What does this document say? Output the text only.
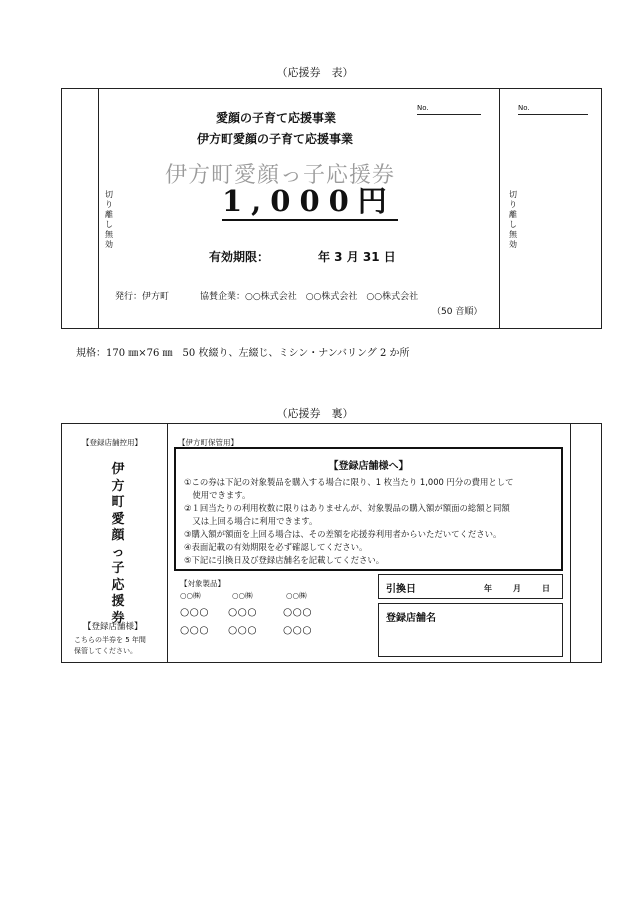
（応援券　表）
切り離し無効
切り離し無効
No.	No.
愛顔の子育て応援事業
伊方町愛顔の子育て応援事業
伊方町愛顔っ子応援券
1,000円
有効期限：	年 3 月 31 日
発行：伊方町	協賛企業：○○株式会社　○○株式会社　○○株式会社
（50 音順）
規格：170 ㎜×76 ㎜　50 枚綴り、左綴じ、ミシン・ナンバリング 2 か所
（応援券　裏）
【登録店舗控用】
伊方町愛顔っ子応援券
【登録店舗様】
こちらの半券を 5 年間
保管してください。
【伊方町保管用】
【登録店舗様へ】
①この券は下記の対象製品を購入する場合に限り、1 枚当たり 1,000 円分の費用として
　使用できます。
②１回当たりの利用枚数に限りはありませんが、対象製品の購入額が額面の総額と同額
　又は上回る場合に利用できます。
③購入額が額面を上回る場合は、その差額を応援券利用者からいただいてください。
④表面記載の有効期限を必ず確認してください。
⑤下記に引換日及び登録店舗名を記載してください。
【対象製品】
○○㈱	○○㈱	○○㈱
○○○ ○○○ ○○○
○○○ ○○○ ○○○
引換日	年	月	日
登録店舗名
